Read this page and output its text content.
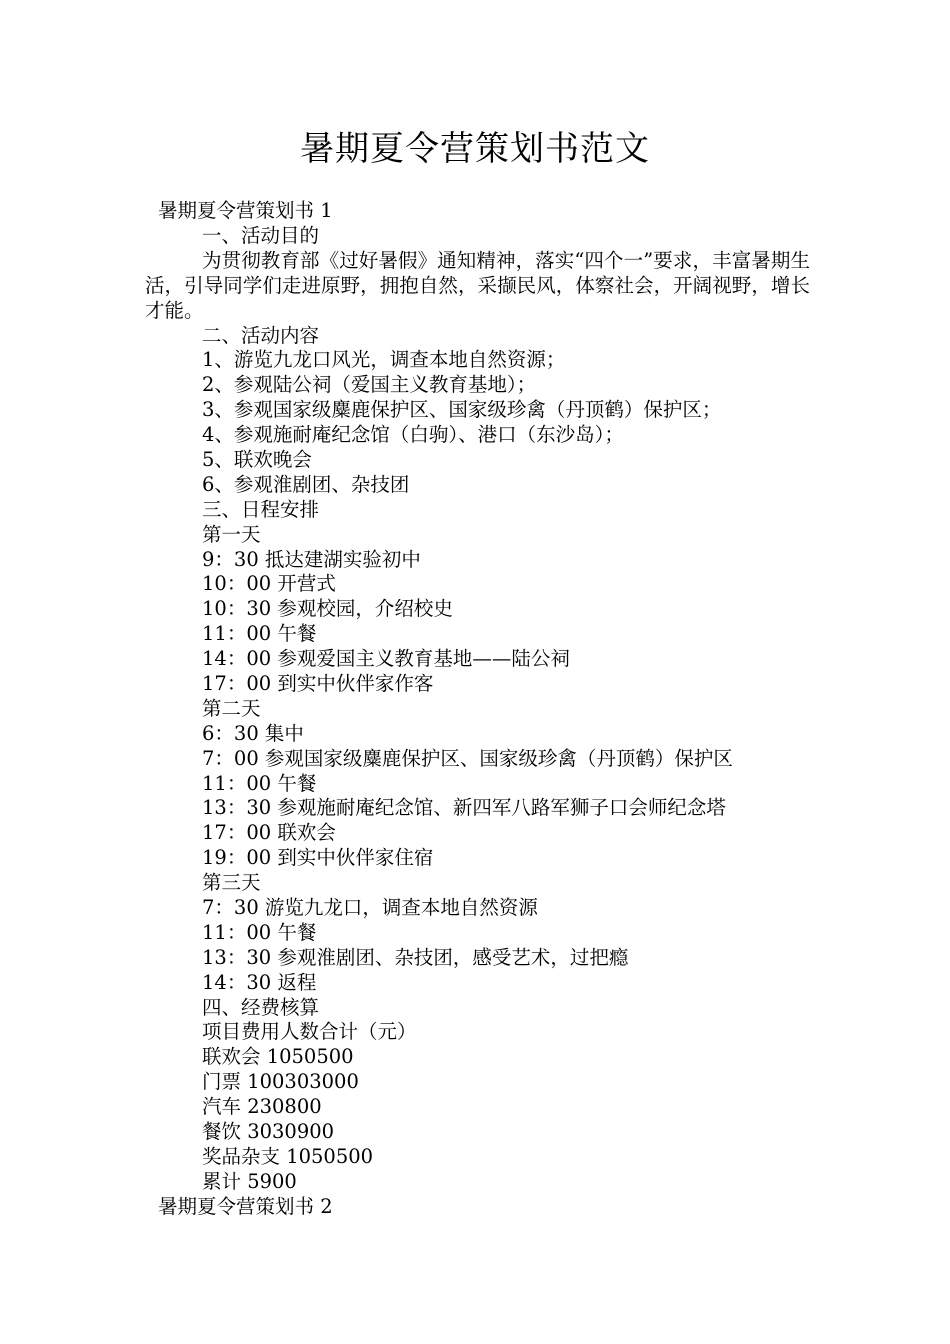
暑期夏令营策划书范文
暑期夏令营策划书 1
一、活动目的
为贯彻教育部《过好暑假》通知精神，落实“四个一”要求，丰富暑期生活，引导同学们走进原野，拥抱自然，采撷民风，体察社会，开阔视野，增长才能。
二、活动内容
1、游览九龙口风光，调查本地自然资源；
2、参观陆公祠（爱国主义教育基地）；
3、参观国家级麋鹿保护区、国家级珍禽（丹顶鹤）保护区；
4、参观施耐庵纪念馆（白驹）、港口（东沙岛）；
5、联欢晚会
6、参观淮剧团、杂技团
三、日程安排
第一天
9：30 抵达建湖实验初中
10：00 开营式
10：30 参观校园，介绍校史
11：00 午餐
14：00 参观爱国主义教育基地——陆公祠
17：00 到实中伙伴家作客
第二天
6：30 集中
7：00 参观国家级麋鹿保护区、国家级珍禽（丹顶鹤）保护区
11：00 午餐
13：30 参观施耐庵纪念馆、新四军八路军狮子口会师纪念塔
17：00 联欢会
19：00 到实中伙伴家住宿
第三天
7：30 游览九龙口，调查本地自然资源
11：00 午餐
13：30 参观淮剧团、杂技团，感受艺术，过把瘾
14：30 返程
四、经费核算
项目费用人数合计（元）
联欢会 1050500
门票 100303000
汽车 230800
餐饮 3030900
奖品杂支 1050500
累计 5900
暑期夏令营策划书 2
